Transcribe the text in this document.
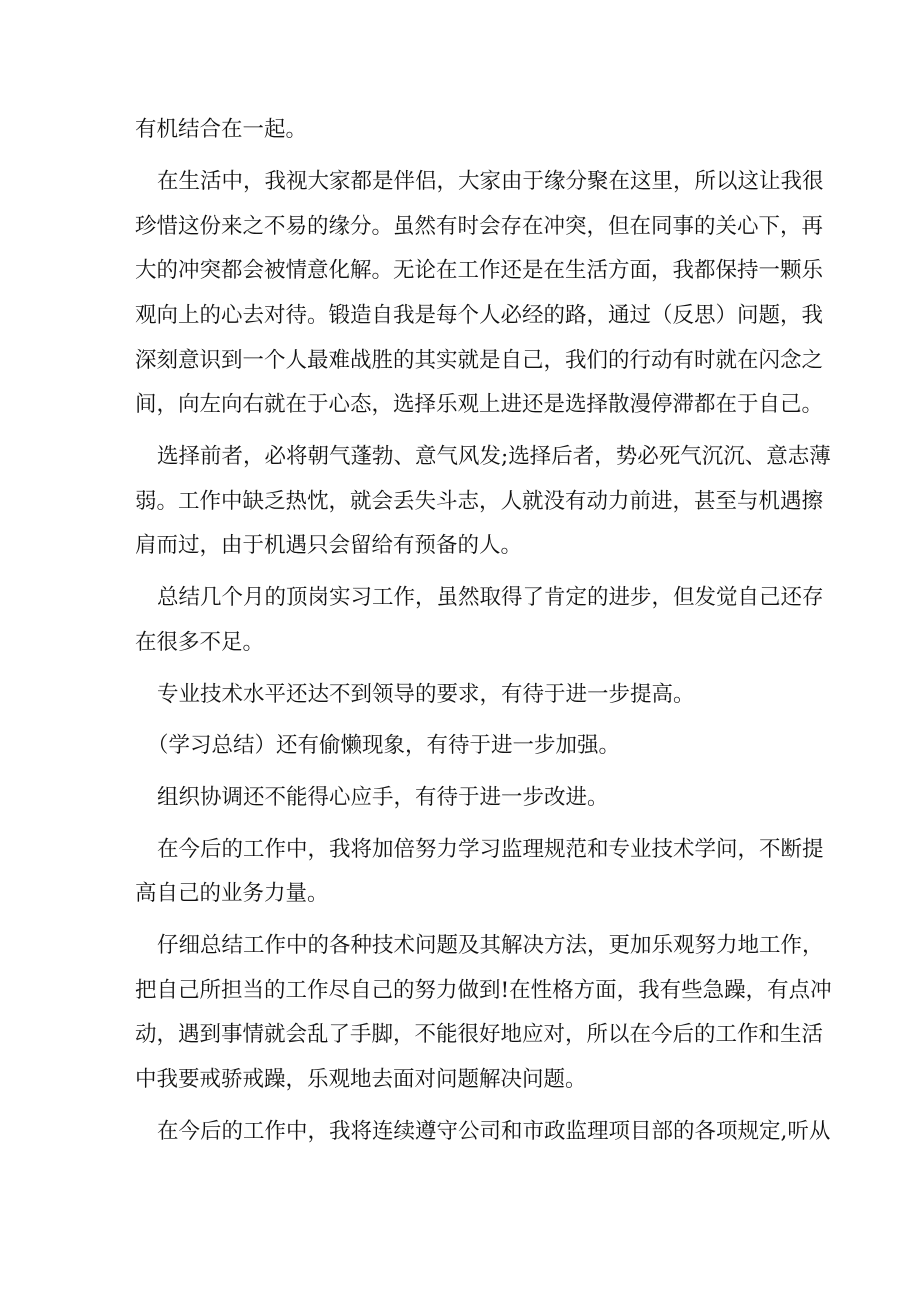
有机结合在一起。
在生活中，我视大家都是伴侣，大家由于缘分聚在这里，所以这让我很
珍惜这份来之不易的缘分。虽然有时会存在冲突，但在同事的关心下，再
大的冲突都会被情意化解。无论在工作还是在生活方面，我都保持一颗乐
观向上的心去对待。锻造自我是每个人必经的路，通过（反思）问题，我
深刻意识到一个人最难战胜的其实就是自己，我们的行动有时就在闪念之
间，向左向右就在于心态，选择乐观上进还是选择散漫停滞都在于自己。
选择前者，必将朝气蓬勃、意气风发;选择后者，势必死气沉沉、意志薄
弱。工作中缺乏热忱，就会丢失斗志，人就没有动力前进，甚至与机遇擦
肩而过，由于机遇只会留给有预备的人。
总结几个月的顶岗实习工作，虽然取得了肯定的进步，但发觉自己还存
在很多不足。
专业技术水平还达不到领导的要求，有待于进一步提高。
（学习总结）还有偷懒现象，有待于进一步加强。
组织协调还不能得心应手，有待于进一步改进。
在今后的工作中，我将加倍努力学习监理规范和专业技术学问，不断提
高自己的业务力量。
仔细总结工作中的各种技术问题及其解决方法，更加乐观努力地工作，
把自己所担当的工作尽自己的努力做到!在性格方面，我有些急躁，有点冲
动，遇到事情就会乱了手脚，不能很好地应对，所以在今后的工作和生活
中我要戒骄戒躁，乐观地去面对问题解决问题。
在今后的工作中，我将连续遵守公司和市政监理项目部的各项规定,听从
